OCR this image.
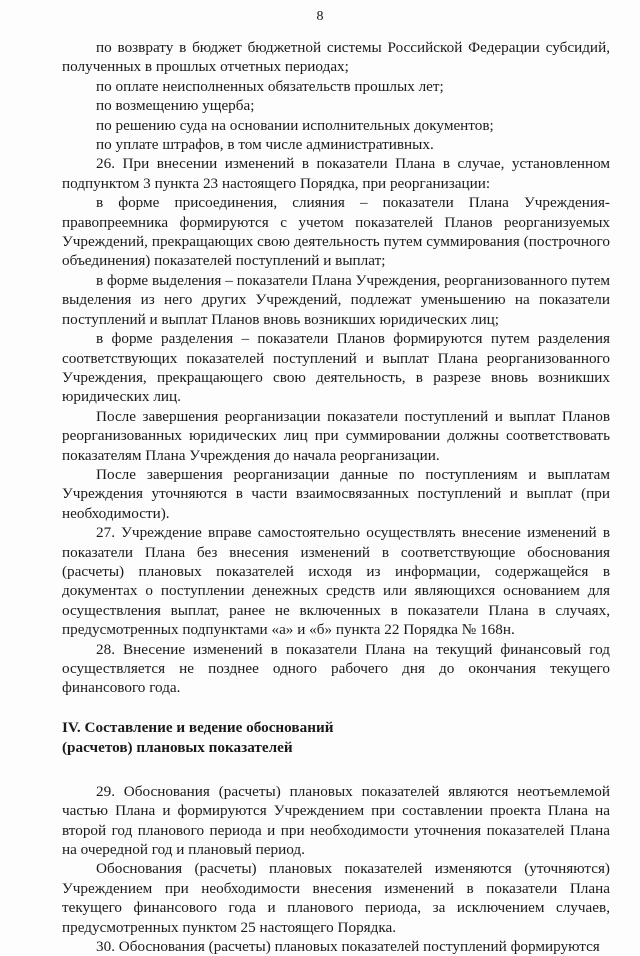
8

по возврату в бюджет бюджетной системы Российской Федерации субсидий, полученных в прошлых отчетных периодах;

по оплате неисполненных обязательств прошлых лет;

по возмещению ущерба;

по решению суда на основании исполнительных документов;

по уплате штрафов, в том числе административных.

26. При внесении изменений в показатели Плана в случае, установленном подпунктом 3 пункта 23 настоящего Порядка, при реорганизации:

в форме присоединения, слияния – показатели Плана Учреждения-правопреемника формируются с учетом показателей Планов реорганизуемых Учреждений, прекращающих свою деятельность путем суммирования (построчного объединения) показателей поступлений и выплат;

в форме выделения – показатели Плана Учреждения, реорганизованного путем выделения из него других Учреждений, подлежат уменьшению на показатели поступлений и выплат Планов вновь возникших юридических лиц;

в форме разделения – показатели Планов формируются путем разделения соответствующих показателей поступлений и выплат Плана реорганизованного Учреждения, прекращающего свою деятельность, в разрезе вновь возникших юридических лиц.

После завершения реорганизации показатели поступлений и выплат Планов реорганизованных юридических лиц при суммировании должны соответствовать показателям Плана Учреждения до начала реорганизации.

После завершения реорганизации данные по поступлениям и выплатам Учреждения уточняются в части взаимосвязанных поступлений и выплат (при необходимости).

27. Учреждение вправе самостоятельно осуществлять внесение изменений в показатели Плана без внесения изменений в соответствующие обоснования (расчеты) плановых показателей исходя из информации, содержащейся в документах о поступлении денежных средств или являющихся основанием для осуществления выплат, ранее не включенных в показатели Плана в случаях, предусмотренных подпунктами «а» и «б» пункта 22 Порядка № 168н.

28. Внесение изменений в показатели Плана на текущий финансовый год осуществляется не позднее одного рабочего дня до окончания текущего финансового года.

IV. Составление и ведение обоснований
(расчетов) плановых показателей

29. Обоснования (расчеты) плановых показателей являются неотъемлемой частью Плана и формируются Учреждением при составлении проекта Плана на второй год планового периода и при необходимости уточнения показателей Плана на очередной год и плановый период.

Обоснования (расчеты) плановых показателей изменяются (уточняются) Учреждением при необходимости внесения изменений в показатели Плана текущего финансового года и планового периода, за исключением случаев, предусмотренных пунктом 25 настоящего Порядка.

30. Обоснования (расчеты) плановых показателей поступлений формируются
